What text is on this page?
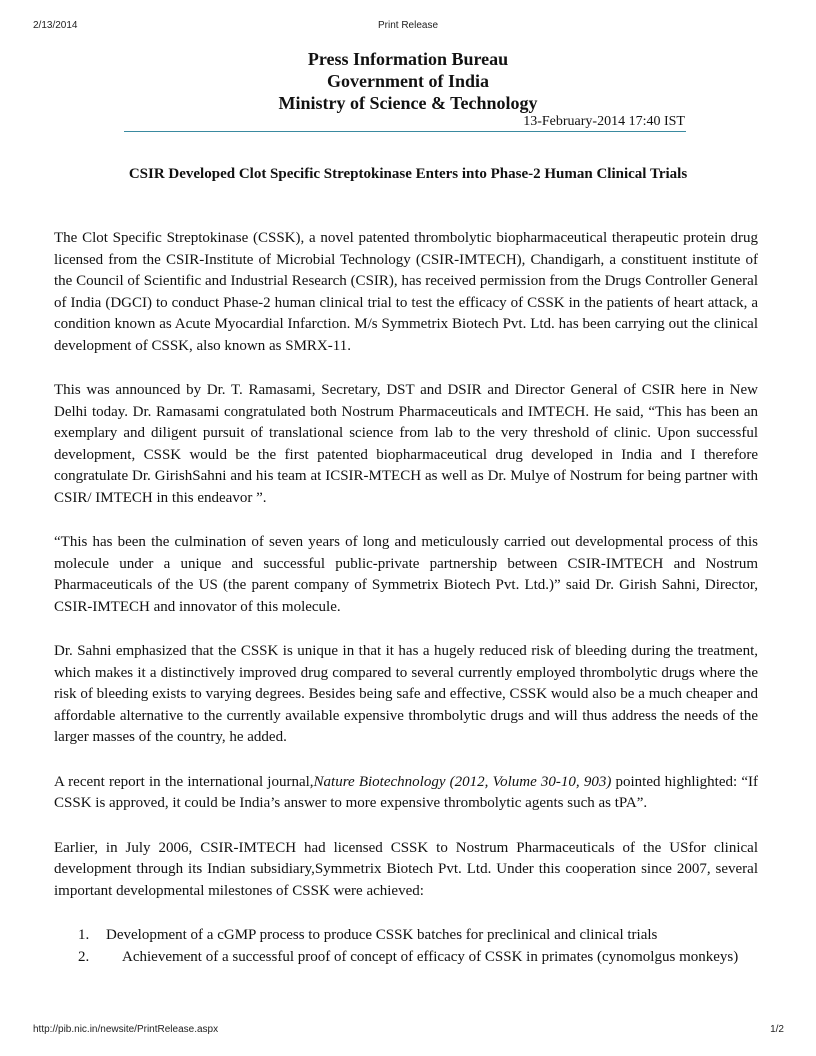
2/13/2014	Print Release
Press Information Bureau
Government of India
Ministry of Science & Technology
13-February-2014 17:40 IST
CSIR Developed Clot Specific Streptokinase Enters into Phase-2 Human Clinical Trials

The Clot Specific Streptokinase (CSSK), a novel patented thrombolytic biopharmaceutical therapeutic protein drug licensed from the CSIR-Institute of Microbial Technology (CSIR-IMTECH), Chandigarh, a constituent institute of the Council of Scientific and Industrial Research (CSIR), has received permission from the Drugs Controller General of India (DGCI) to conduct Phase-2 human clinical trial to test the efficacy of CSSK in the patients of heart attack, a condition known as Acute Myocardial Infarction. M/s Symmetrix Biotech Pvt. Ltd. has been carrying out the clinical development of CSSK, also known as SMRX-11.

This was announced by Dr. T. Ramasami, Secretary, DST and DSIR and Director General of CSIR here in New Delhi today. Dr. Ramasami congratulated both Nostrum Pharmaceuticals and IMTECH. He said, “This has been an exemplary and diligent pursuit of translational science from lab to the very threshold of clinic. Upon successful development, CSSK would be the first patented biopharmaceutical drug developed in India and I therefore congratulate Dr. GirishSahni and his team at ICSIR-MTECH as well as Dr. Mulye of Nostrum for being partner with CSIR/ IMTECH in this endeavor ”.

“This has been the culmination of seven years of long and meticulously carried out developmental process of this molecule under a unique and successful public-private partnership between CSIR-IMTECH and Nostrum Pharmaceuticals of the US (the parent company of Symmetrix Biotech Pvt. Ltd.)” said Dr. Girish Sahni, Director, CSIR-IMTECH and innovator of this molecule.

Dr. Sahni emphasized that the CSSK is unique in that it has a hugely reduced risk of bleeding during the treatment, which makes it a distinctively improved drug compared to several currently employed thrombolytic drugs where the risk of bleeding exists to varying degrees. Besides being safe and effective, CSSK would also be a much cheaper and affordable alternative to the currently available expensive thrombolytic drugs and will thus address the needs of the larger masses of the country, he added.

A recent report in the international journal,Nature Biotechnology (2012, Volume 30-10, 903) pointed highlighted: “If CSSK is approved, it could be India’s answer to more expensive thrombolytic agents such as tPA”.

Earlier, in July 2006, CSIR-IMTECH had licensed CSSK to Nostrum Pharmaceuticals of the USfor clinical development through its Indian subsidiary,Symmetrix Biotech Pvt. Ltd. Under this cooperation since 2007, several important developmental milestones of CSSK were achieved:

1. Development of a cGMP process to produce CSSK batches for preclinical and clinical trials
2.	Achievement of a successful proof of concept of efficacy of CSSK in primates (cynomolgus monkeys)
http://pib.nic.in/newsite/PrintRelease.aspx	1/2
